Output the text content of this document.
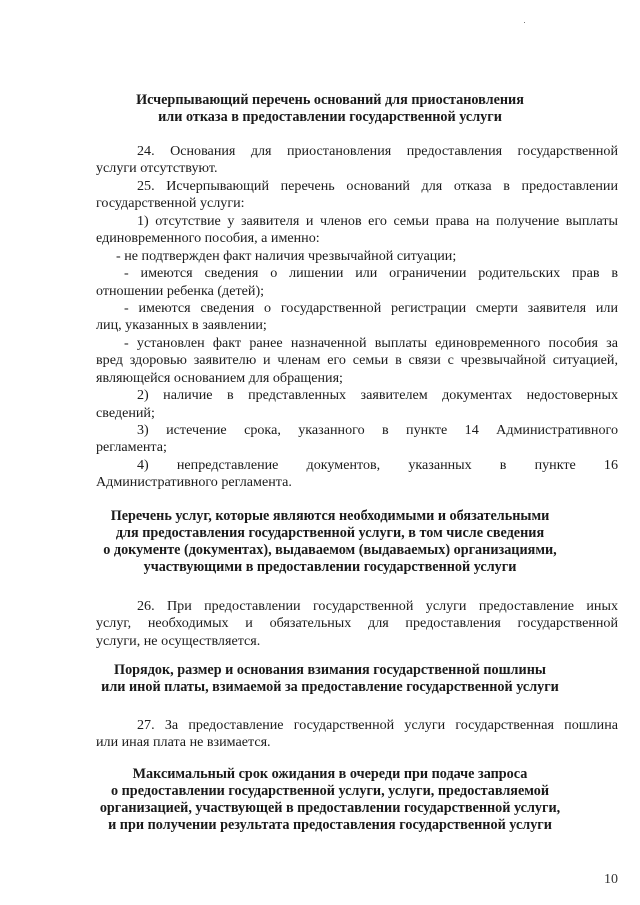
Исчерпывающий перечень оснований для приостановления
или отказа в предоставлении государственной услуги
24. Основания для приостановления предоставления государственной
услуги отсутствуют.
25. Исчерпывающий перечень оснований для отказа в предоставлении
государственной услуги:
1) отсутствие у заявителя и членов его семьи права на получение выплаты
единовременного пособия, а именно:
- не подтвержден факт наличия чрезвычайной ситуации;
- имеются сведения о лишении или ограничении родительских прав в
отношении ребенка (детей);
- имеются сведения о государственной регистрации смерти заявителя или
лиц, указанных в заявлении;
- установлен факт ранее назначенной выплаты единовременного пособия за
вред здоровью заявителю и членам его семьи в связи с чрезвычайной ситуацией,
являющейся основанием для обращения;
2) наличие в представленных заявителем документах недостоверных
сведений;
3) истечение срока, указанного в пункте 14 Административного
регламента;
4) непредставление документов, указанных в пункте 16
Административного регламента.
Перечень услуг, которые являются необходимыми и обязательными
для предоставления государственной услуги, в том числе сведения
о документе (документах), выдаваемом (выдаваемых) организациями,
участвующими в предоставлении государственной услуги
26. При предоставлении государственной услуги предоставление иных
услуг, необходимых и обязательных для предоставления государственной
услуги, не осуществляется.
Порядок, размер и основания взимания государственной пошлины
или иной платы, взимаемой за предоставление государственной услуги
27. За предоставление государственной услуги государственная пошлина
или иная плата не взимается.
Максимальный срок ожидания в очереди при подаче запроса
о предоставлении государственной услуги, услуги, предоставляемой
организацией, участвующей в предоставлении государственной услуги,
и при получении результата предоставления государственной услуги
10
